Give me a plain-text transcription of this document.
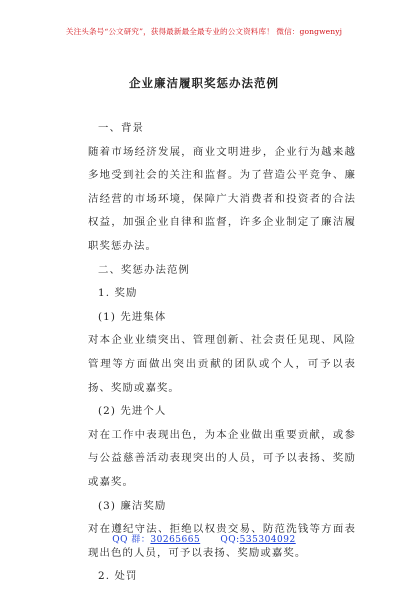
关注头条号“公文研究”，获得最新最全最专业的公文资料库！ 微信：gongwenyj
企业廉洁履职奖惩办法范例

一、背景

随着市场经济发展，商业文明进步，企业行为越来越多地受到社会的关注和监督。为了营造公平竞争、廉洁经营的市场环境，保障广大消费者和投资者的合法权益，加强企业自律和监督，许多企业制定了廉洁履职奖惩办法。

二、奖惩办法范例

1. 奖励

(1) 先进集体

对本企业业绩突出、管理创新、社会责任见现、风险管理等方面做出突出贡献的团队或个人，可予以表扬、奖励或嘉奖。

(2) 先进个人

对在工作中表现出色，为本企业做出重要贡献，或参与公益慈善活动表现突出的人员，可予以表扬、奖励或嘉奖。

(3) 廉洁奖励

对在遵纪守法、拒绝以权贵交易、防范洗钱等方面表现出色的人员，可予以表扬、奖励或嘉奖。

2. 处罚

QQ 群：30265665 QQ:535304092
